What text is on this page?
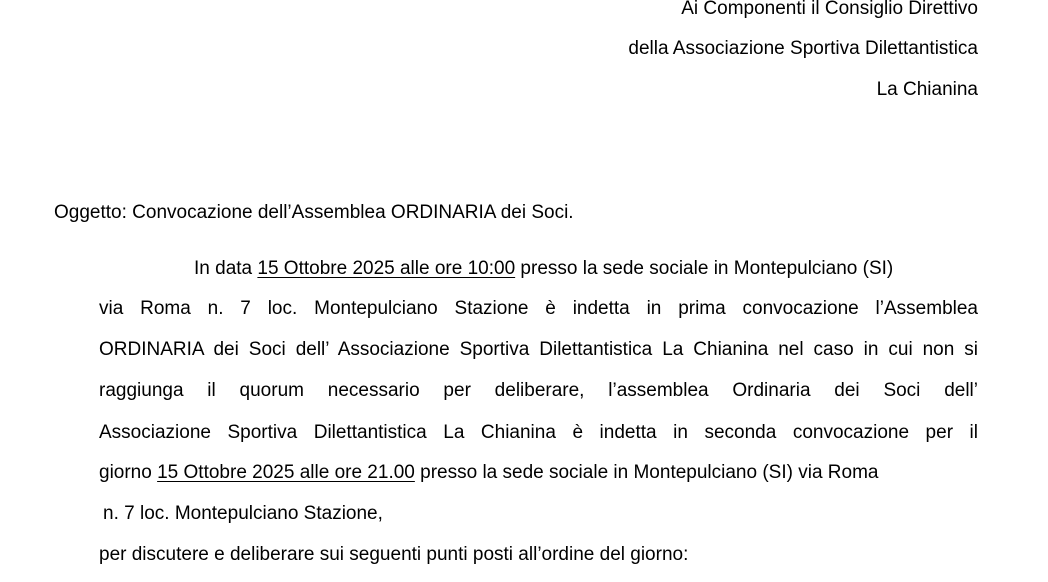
Ai Componenti il Consiglio Direttivo

della Associazione Sportiva Dilettantistica

La Chianina

Oggetto: Convocazione dell’Assemblea ORDINARIA dei Soci.

In data 15 Ottobre 2025 alle ore 10:00 presso la sede sociale in Montepulciano (SI)

via Roma n. 7 loc. Montepulciano Stazione è indetta in prima convocazione l’Assemblea

ORDINARIA dei Soci dell’ Associazione Sportiva Dilettantistica La Chianina nel caso in cui non si

raggiunga il quorum necessario per deliberare, l’assemblea Ordinaria dei Soci dell’

Associazione Sportiva Dilettantistica La Chianina è indetta in seconda convocazione per il

giorno 15 Ottobre 2025 alle ore 21.00 presso la sede sociale in Montepulciano (SI) via Roma

n. 7 loc. Montepulciano Stazione,

per discutere e deliberare sui seguenti punti posti all’ordine del giorno:
